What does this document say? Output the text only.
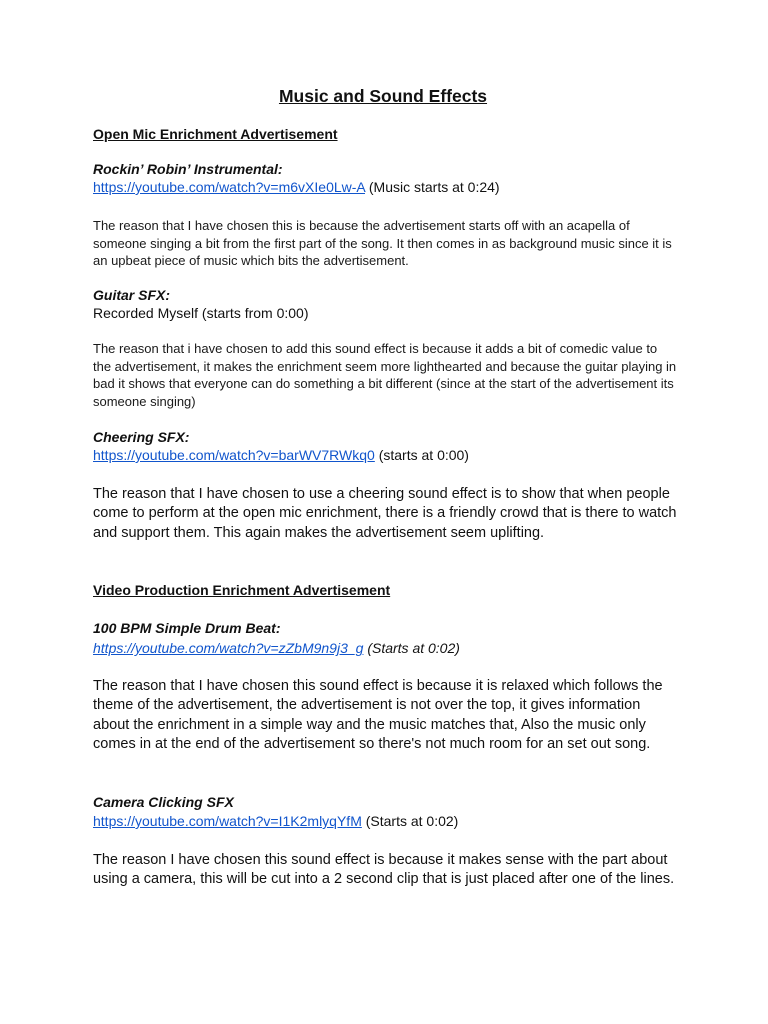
Music and Sound Effects
Open Mic Enrichment Advertisement
Rockin’ Robin’ Instrumental:

https://youtube.com/watch?v=m6vXIe0Lw-A (Music starts at 0:24)

The reason that I have chosen this is because the advertisement starts off with an acapella of someone singing a bit from the first part of the song. It then comes in as background music since it is an upbeat piece of music which bits the advertisement.

Guitar SFX:

Recorded Myself (starts from 0:00)

The reason that i have chosen to add this sound effect is because it adds a bit of comedic value to the advertisement, it makes the enrichment seem more lighthearted and because the guitar playing in bad it shows that everyone can do something a bit different (since at the start of the advertisement its someone singing)

Cheering SFX:

https://youtube.com/watch?v=barWV7RWkq0 (starts at 0:00)

The reason that I have chosen to use a cheering sound effect is to show that when people come to perform at the open mic enrichment, there is a friendly crowd that is there to watch and support them. This again makes the advertisement seem uplifting.

Video Production Enrichment Advertisement
100 BPM Simple Drum Beat:

https://youtube.com/watch?v=zZbM9n9j3_g (Starts at 0:02)

The reason that I have chosen this sound effect is because it is relaxed which follows the theme of the advertisement, the advertisement is not over the top, it gives information about the enrichment in a simple way and the music matches that, Also the music only comes in at the end of the advertisement so there's not much room for an set out song.

Camera Clicking SFX

https://youtube.com/watch?v=I1K2mlyqYfM (Starts at 0:02)

The reason I have chosen this sound effect is because it makes sense with the part about using a camera, this will be cut into a 2 second clip that is just placed after one of the lines.
